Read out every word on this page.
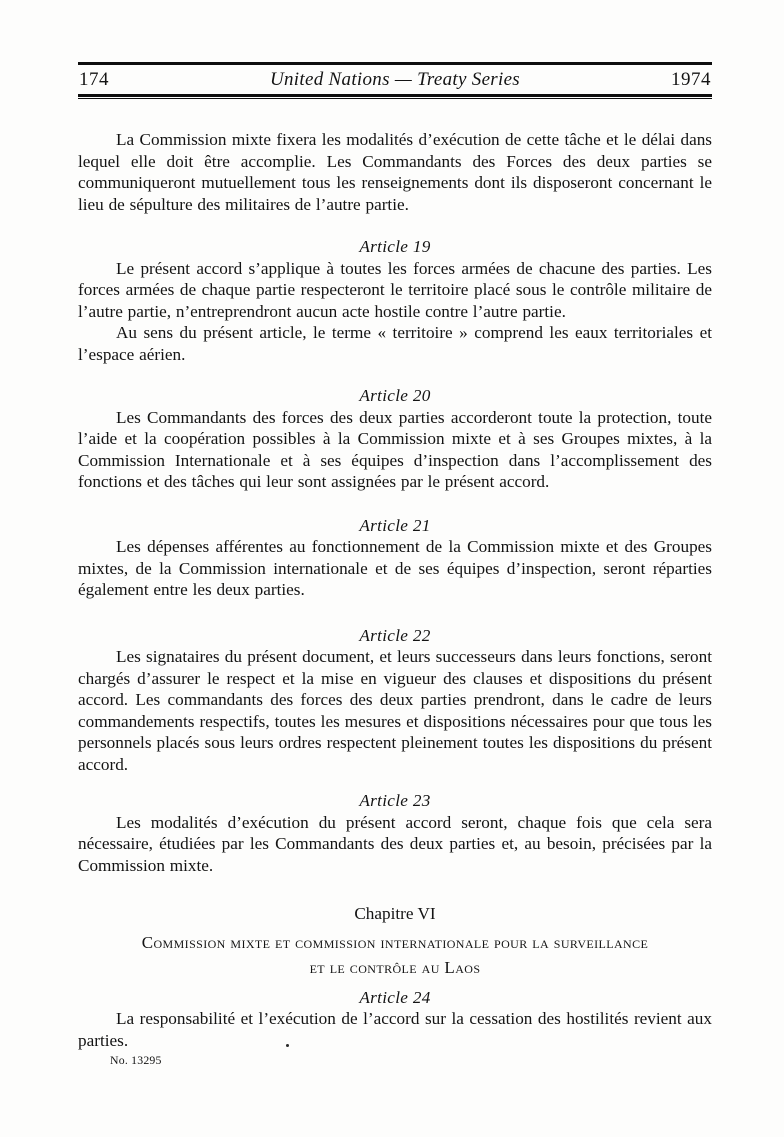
174	United Nations — Treaty Series	1974

La Commission mixte fixera les modalités d’exécution de cette tâche et le délai dans lequel elle doit être accomplie. Les Commandants des Forces des deux parties se communiqueront mutuellement tous les renseignements dont ils disposeront concernant le lieu de sépulture des militaires de l’autre partie.

Article 19

Le présent accord s’applique à toutes les forces armées de chacune des parties. Les forces armées de chaque partie respecteront le territoire placé sous le contrôle militaire de l’autre partie, n’entreprendront aucun acte hostile contre l’autre partie.

Au sens du présent article, le terme « territoire » comprend les eaux territoriales et l’espace aérien.

Article 20

Les Commandants des forces des deux parties accorderont toute la protection, toute l’aide et la coopération possibles à la Commission mixte et à ses Groupes mixtes, à la Commission Internationale et à ses équipes d’inspection dans l’accomplissement des fonctions et des tâches qui leur sont assignées par le présent accord.

Article 21

Les dépenses afférentes au fonctionnement de la Commission mixte et des Groupes mixtes, de la Commission internationale et de ses équipes d’inspection, seront réparties également entre les deux parties.

Article 22

Les signataires du présent document, et leurs successeurs dans leurs fonctions, seront chargés d’assurer le respect et la mise en vigueur des clauses et dispositions du présent accord. Les commandants des forces des deux parties prendront, dans le cadre de leurs commandements respectifs, toutes les mesures et dispositions nécessaires pour que tous les personnels placés sous leurs ordres respectent pleinement toutes les dispositions du présent accord.

Article 23

Les modalités d’exécution du présent accord seront, chaque fois que cela sera nécessaire, étudiées par les Commandants des deux parties et, au besoin, précisées par la Commission mixte.

Chapitre VI
Commission mixte et commission internationale pour la surveillance
et le contrôle au Laos
Article 24

La responsabilité et l’exécution de l’accord sur la cessation des hostilités revient aux parties.

No. 13295
